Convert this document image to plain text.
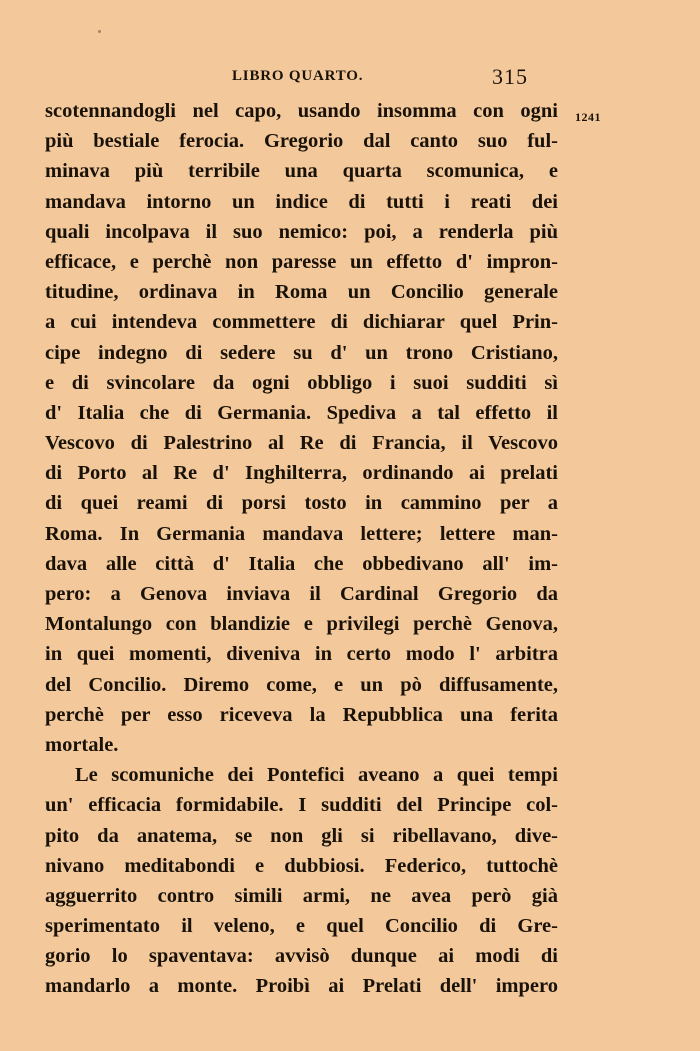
LIBRO QUARTO.	315
1241
scotennandogli nel capo, usando insomma con ogni
più bestiale ferocia. Gregorio dal canto suo ful-
minava più terribile una quarta scomunica, e
mandava intorno un indice di tutti i reati dei
quali incolpava il suo nemico: poi, a renderla più
efficace, e perchè non paresse un effetto d' impron-
titudine, ordinava in Roma un Concilio generale
a cui intendeva commettere di dichiarar quel Prin-
cipe indegno di sedere su d' un trono Cristiano,
e di svincolare da ogni obbligo i suoi sudditi sì
d' Italia che di Germania. Spediva a tal effetto il
Vescovo di Palestrino al Re di Francia, il Vescovo
di Porto al Re d' Inghilterra, ordinando ai prelati
di quei reami di porsi tosto in cammino per a
Roma. In Germania mandava lettere; lettere man-
dava alle città d' Italia che obbedivano all' im-
pero: a Genova inviava il Cardinal Gregorio da
Montalungo con blandizie e privilegi perchè Genova,
in quei momenti, diveniva in certo modo l' arbitra
del Concilio. Diremo come, e un pò diffusamente,
perchè per esso riceveva la Repubblica una ferita
mortale.
Le scomuniche dei Pontefici aveano a quei tempi
un' efficacia formidabile. I sudditi del Principe col-
pito da anatema, se non gli si ribellavano, dive-
nivano meditabondi e dubbiosi. Federico, tuttochè
agguerrito contro simili armi, ne avea però già
sperimentato il veleno, e quel Concilio di Gre-
gorio lo spaventava: avvisò dunque ai modi di
mandarlo a monte. Proibì ai Prelati dell' impero
